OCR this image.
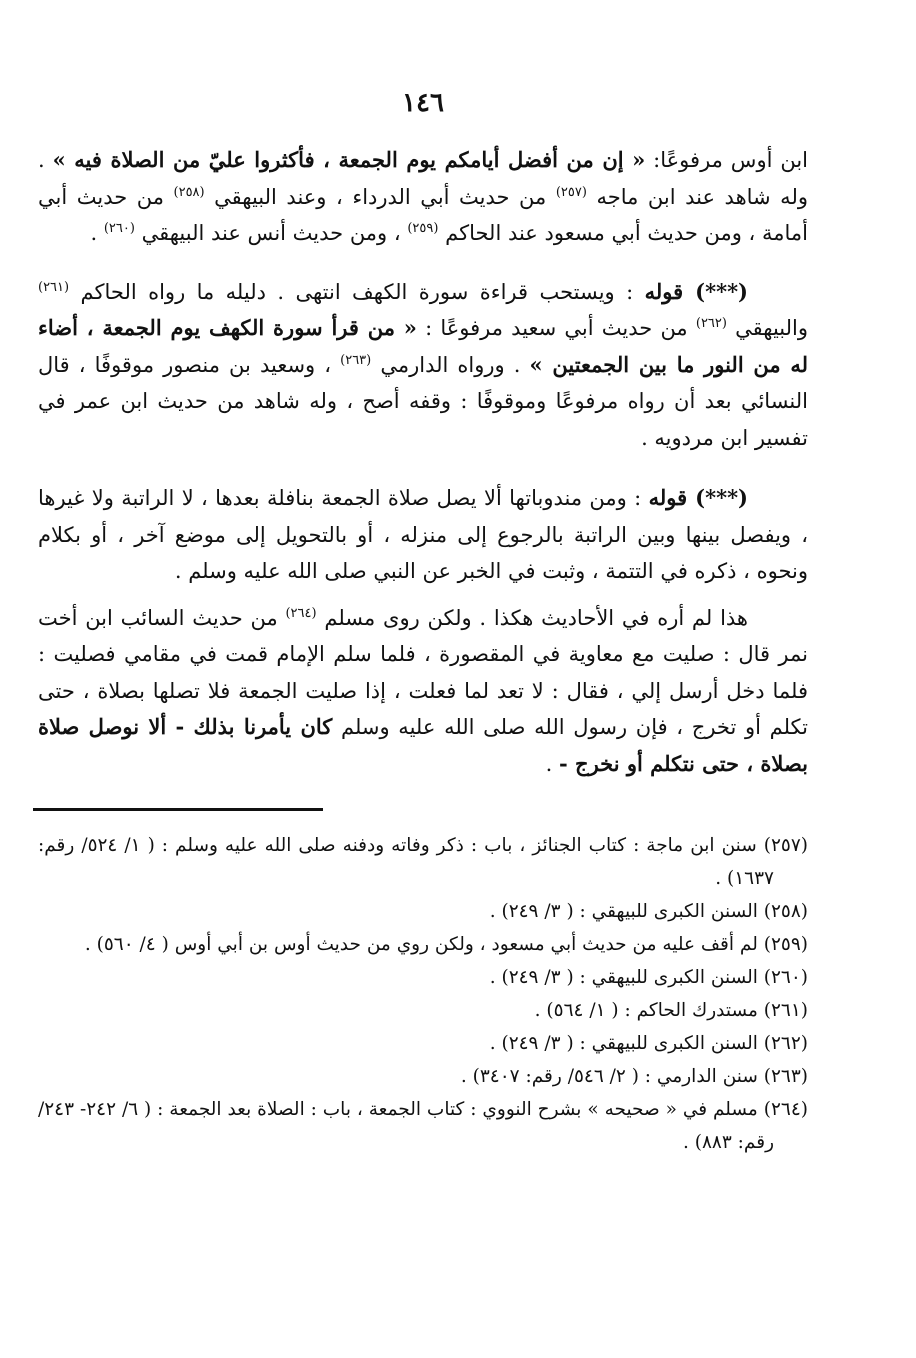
١٤٦

ابن أوس مرفوعًا: « إن من أفضل أيامكم يوم الجمعة ، فأكثروا عليّ من الصلاة فيه » . وله شاهد عند ابن ماجه $^{(٢٥٧)}$ من حديث أبي الدرداء ، وعند البيهقي $^{(٢٥٨)}$ من حديث أبي أمامة ، ومن حديث أبي مسعود عند الحاكم $^{(٢٥٩)}$ ، ومن حديث أنس عند البيهقي $^{(٢٦٠)}$ .

(***) قوله : ويستحب قراءة سورة الكهف انتهى . دليله ما رواه الحاكم $^{(٢٦١)}$ والبيهقي $^{(٢٦٢)}$ من حديث أبي سعيد مرفوعًا : « من قرأ سورة الكهف يوم الجمعة ، أضاء له من النور ما بين الجمعتين » . ورواه الدارمي $^{(٢٦٣)}$ ، وسعيد بن منصور موقوفًا ، قال النسائي بعد أن رواه مرفوعًا وموقوفًا : وقفه أصح ، وله شاهد من حديث ابن عمر في تفسير ابن مردويه .

(***) قوله : ومن مندوباتها ألا يصل صلاة الجمعة بنافلة بعدها ، لا الراتبة ولا غيرها ، ويفصل بينها وبين الراتبة بالرجوع إلى منزله ، أو بالتحويل إلى موضع آخر ، أو بكلام ونحوه ، ذكره في التتمة ، وثبت في الخبر عن النبي صلى الله عليه وسلم .

هذا لم أره في الأحاديث هكذا . ولكن روى مسلم $^{(٢٦٤)}$ من حديث السائب ابن أخت نمر قال : صليت مع معاوية في المقصورة ، فلما سلم الإمام قمت في مقامي فصليت : فلما دخل أرسل إلي ، فقال : لا تعد لما فعلت ، إذا صليت الجمعة فلا تصلها بصلاة ، حتى تكلم أو تخرج ، فإن رسول الله صلى الله عليه وسلم كان يأمرنا بذلك - ألا نوصل صلاة بصلاة ، حتى نتكلم أو نخرج - .

(٢٥٧) سنن ابن ماجة : كتاب الجنائز ، باب : ذكر وفاته ودفنه صلى الله عليه وسلم : ( ١/ ٥٢٤/ رقم: ١٦٣٧) .

(٢٥٨) السنن الكبرى للبيهقي : ( ٣/ ٢٤٩) .

(٢٥٩) لم أقف عليه من حديث أبي مسعود ، ولكن روي من حديث أوس بن أبي أوس ( ٤/ ٥٦٠) .

(٢٦٠) السنن الكبرى للبيهقي : ( ٣/ ٢٤٩) .

(٢٦١) مستدرك الحاكم : ( ١/ ٥٦٤) .

(٢٦٢) السنن الكبرى للبيهقي : ( ٣/ ٢٤٩) .

(٢٦٣) سنن الدارمي : ( ٢/ ٥٤٦/ رقم: ٣٤٠٧) .

(٢٦٤) مسلم في « صحيحه » بشرح النووي : كتاب الجمعة ، باب : الصلاة بعد الجمعة : ( ٦/ ٢٤٢- ٢٤٣/ رقم: ٨٨٣) .
